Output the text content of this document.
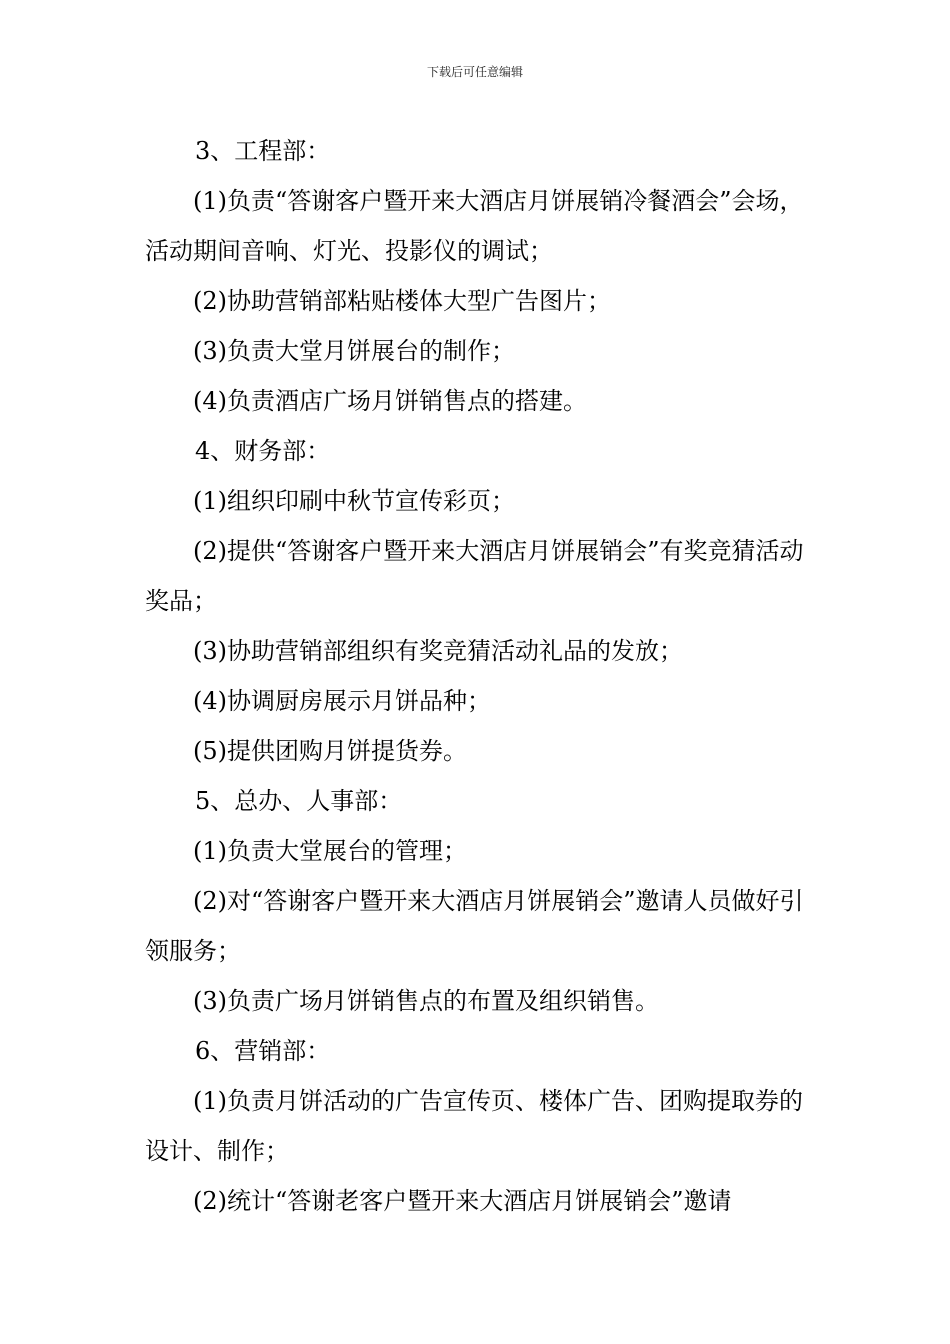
下载后可任意编辑

3、工程部：

(1)负责“答谢客户暨开来大酒店月饼展销冷餐酒会”会场，活动期间音响、灯光、投影仪的调试；

(2)协助营销部粘贴楼体大型广告图片；

(3)负责大堂月饼展台的制作；

(4)负责酒店广场月饼销售点的搭建。

4、财务部：

(1)组织印刷中秋节宣传彩页；

(2)提供“答谢客户暨开来大酒店月饼展销会”有奖竞猜活动奖品；

(3)协助营销部组织有奖竞猜活动礼品的发放；

(4)协调厨房展示月饼品种；

(5)提供团购月饼提货券。

5、总办、人事部：

(1)负责大堂展台的管理；

(2)对“答谢客户暨开来大酒店月饼展销会”邀请人员做好引领服务；

(3)负责广场月饼销售点的布置及组织销售。

6、营销部：

(1)负责月饼活动的广告宣传页、楼体广告、团购提取券的设计、制作；

(2)统计“答谢老客户暨开来大酒店月饼展销会”邀请
